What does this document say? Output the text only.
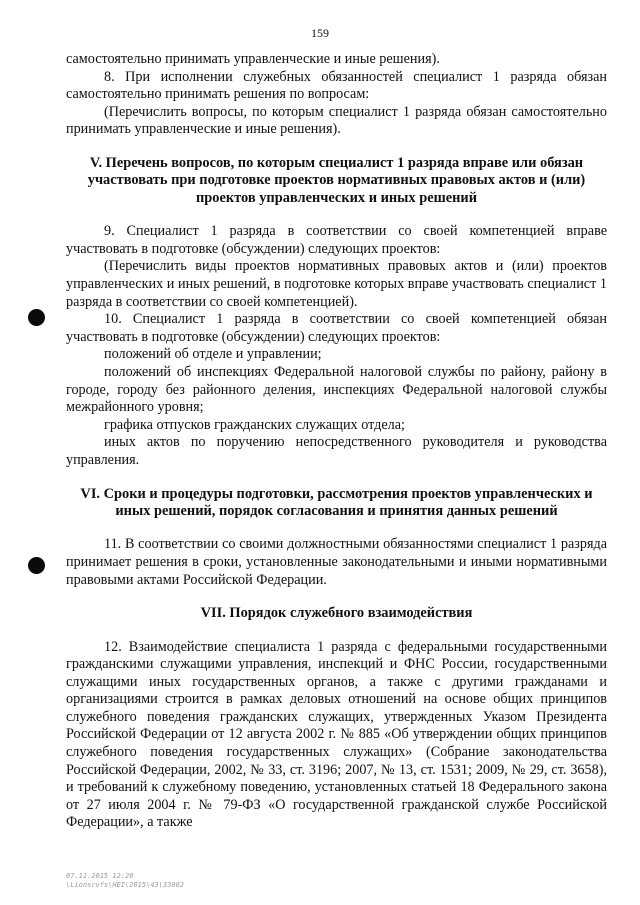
159

самостоятельно принимать управленческие и иные решения).

8. При исполнении служебных обязанностей специалист 1 разряда обязан самостоятельно принимать решения по вопросам:

(Перечислить вопросы, по которым специалист 1 разряда обязан самостоятельно принимать управленческие и иные решения).

V. Перечень вопросов, по которым специалист 1 разряда вправе или обязан участвовать при подготовке проектов нормативных правовых актов и (или) проектов управленческих и иных решений

9. Специалист 1 разряда в соответствии со своей компетенцией вправе участвовать в подготовке (обсуждении) следующих проектов:

(Перечислить виды проектов нормативных правовых актов и (или) проектов управленческих и иных решений, в подготовке которых вправе участвовать специалист 1 разряда в соответствии со своей компетенцией).

10. Специалист 1 разряда в соответствии со своей компетенцией обязан участвовать в подготовке (обсуждении) следующих проектов:

положений об отделе и управлении;

положений об инспекциях Федеральной налоговой службы по району, району в городе, городу без районного деления, инспекциях Федеральной налоговой службы межрайонного уровня;

графика отпусков гражданских служащих отдела;

иных актов по поручению непосредственного руководителя и руководства управления.

VI. Сроки и процедуры подготовки, рассмотрения проектов управленческих и иных решений, порядок согласования и принятия данных решений

11. В соответствии со своими должностными обязанностями специалист 1 разряда принимает решения в сроки, установленные законодательными и иными нормативными правовыми актами Российской Федерации.

VII. Порядок служебного взаимодействия

12. Взаимодействие специалиста 1 разряда с федеральными государственными гражданскими служащими управления, инспекций и ФНС России, государственными служащими иных государственных органов, а также с другими гражданами и организациями строится в рамках деловых отношений на основе общих принципов служебного поведения гражданских служащих, утвержденных Указом Президента Российской Федерации от 12 августа 2002 г. № 885 «Об утверждении общих принципов служебного поведения государственных служащих» (Собрание законодательства Российской Федерации, 2002, № 33, ст. 3196; 2007, № 13, ст. 1531; 2009, № 29, ст. 3658), и требований к служебному поведению, установленных статьей 18 Федерального закона от 27 июля 2004 г. № 79-ФЗ «О государственной гражданской службе Российской Федерации», а также

07.11.2015 12:20
\Lionsrvfs\HEI\2015\43\33062
